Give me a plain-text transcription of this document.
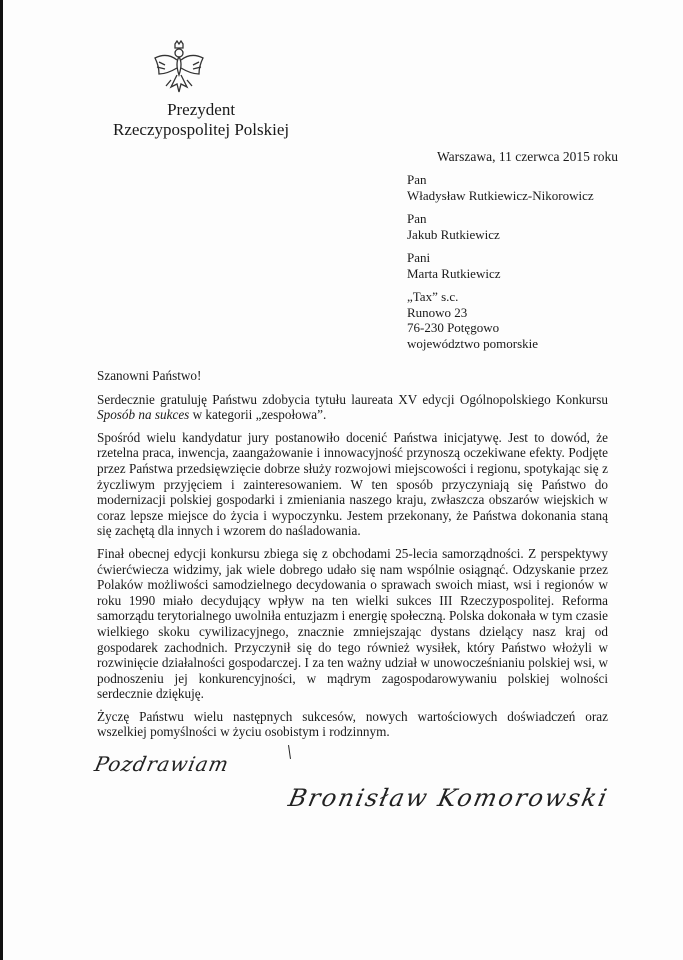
Prezydent
Rzeczypospolitej Polskiej
Warszawa, 11 czerwca 2015 roku
Pan
Władysław Rutkiewicz-Nikorowicz
Pan
Jakub Rutkiewicz
Pani
Marta Rutkiewicz
„Tax” s.c.
Runowo 23
76-230 Potęgowo
województwo pomorskie

Szanowni Państwo!

Serdecznie gratuluję Państwu zdobycia tytułu laureata XV edycji Ogólnopolskiego Konkursu Sposób na sukces w kategorii „zespołowa”.

Spośród wielu kandydatur jury postanowiło docenić Państwa inicjatywę. Jest to dowód, że rzetelna praca, inwencja, zaangażowanie i innowacyjność przynoszą oczekiwane efekty. Podjęte przez Państwa przedsięwzięcie dobrze służy rozwojowi miejscowości i regionu, spotykając się z życzliwym przyjęciem i zainteresowaniem. W ten sposób przyczyniają się Państwo do modernizacji polskiej gospodarki i zmieniania naszego kraju, zwłaszcza obszarów wiejskich w coraz lepsze miejsce do życia i wypoczynku. Jestem przekonany, że Państwa dokonania staną się zachętą dla innych i wzorem do naśladowania.

Finał obecnej edycji konkursu zbiega się z obchodami 25-lecia samorządności. Z perspektywy ćwierćwiecza widzimy, jak wiele dobrego udało się nam wspólnie osiągnąć. Odzyskanie przez Polaków możliwości samodzielnego decydowania o sprawach swoich miast, wsi i regionów w roku 1990 miało decydujący wpływ na ten wielki sukces III Rzeczypospolitej. Reforma samorządu terytorialnego uwolniła entuzjazm i energię społeczną. Polska dokonała w tym czasie wielkiego skoku cywilizacyjnego, znacznie zmniejszając dystans dzielący nasz kraj od gospodarek zachodnich. Przyczynił się do tego również wysiłek, który Państwo włożyli w rozwinięcie działalności gospodarczej. I za ten ważny udział w unowocześnianiu polskiej wsi, w podnoszeniu jej konkurencyjności, w mądrym zagospodarowywaniu polskiej wolności serdecznie dziękuję.

Życzę Państwu wielu następnych sukcesów, nowych wartościowych doświadczeń oraz wszelkiej pomyślności w życiu osobistym i rodzinnym.

Pozdrawiam
Bronisław Komorowski
